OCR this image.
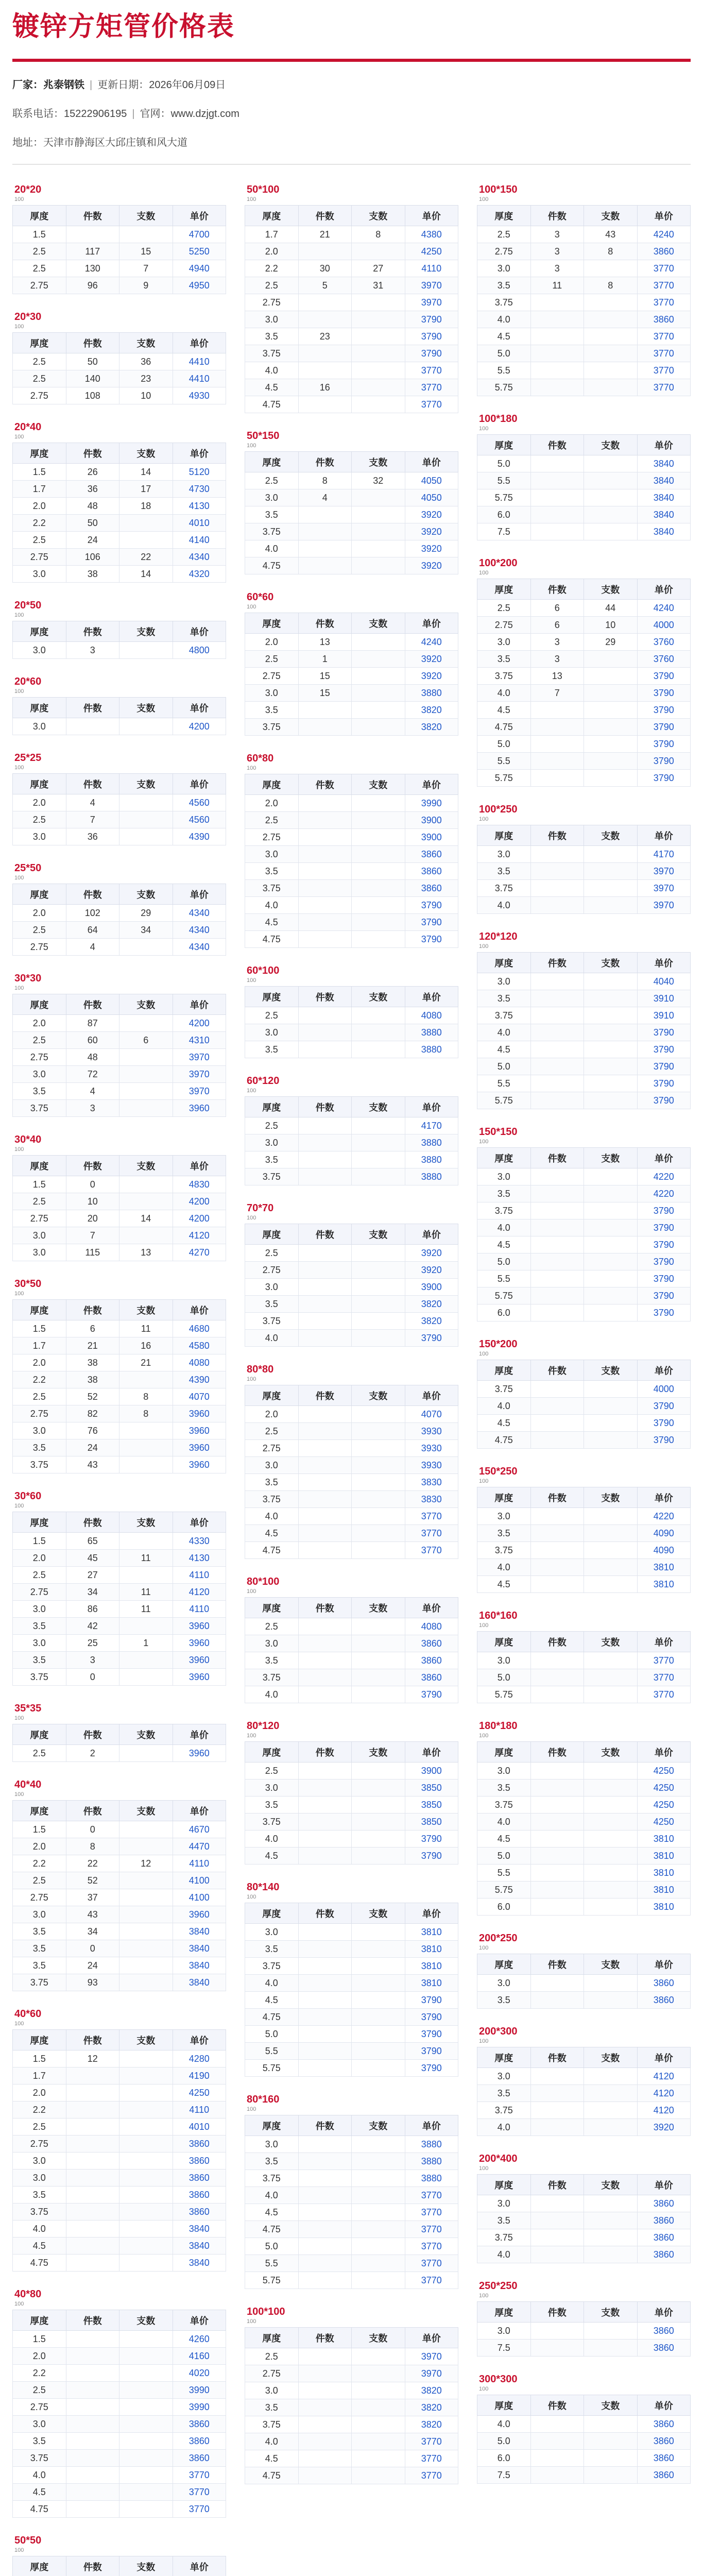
镀锌方矩管价格表
厂家：兆泰钢铁 | 更新日期：2026年06月09日
联系电话：15222906195 | 官网：www.dzjgt.com
地址：天津市静海区大邱庄镇和风大道
20*20
100
厚度	件数	支数	单价
1.5			4700
2.5	117	15	5250
2.5	130	7	4940
2.75	96	9	4950
20*30
100
厚度	件数	支数	单价
2.5	50	36	4410
2.5	140	23	4410
2.75	108	10	4930
20*40
100
厚度	件数	支数	单价
1.5	26	14	5120
1.7	36	17	4730
2.0	48	18	4130
2.2	50		4010
2.5	24		4140
2.75	106	22	4340
3.0	38	14	4320
20*50
100
厚度	件数	支数	单价
3.0	3		4800
20*60
100
厚度	件数	支数	单价
3.0			4200
25*25
100
厚度	件数	支数	单价
2.0	4		4560
2.5	7		4560
3.0	36		4390
25*50
100
厚度	件数	支数	单价
2.0	102	29	4340
2.5	64	34	4340
2.75	4		4340
30*30
100
厚度	件数	支数	单价
2.0	87		4200
2.5	60	6	4310
2.75	48		3970
3.0	72		3970
3.5	4		3970
3.75	3		3960
30*40
100
厚度	件数	支数	单价
1.5	0		4830
2.5	10		4200
2.75	20	14	4200
3.0	7		4120
3.0	115	13	4270
30*50
100
厚度	件数	支数	单价
1.5	6	11	4680
1.7	21	16	4580
2.0	38	21	4080
2.2	38		4390
2.5	52	8	4070
2.75	82	8	3960
3.0	76		3960
3.5	24		3960
3.75	43		3960
30*60
100
厚度	件数	支数	单价
1.5	65		4330
2.0	45	11	4130
2.5	27		4110
2.75	34	11	4120
3.0	86	11	4110
3.5	42		3960
3.0	25	1	3960
3.5	3		3960
3.75	0		3960
35*35
100
厚度	件数	支数	单价
2.5	2		3960
40*40
100
厚度	件数	支数	单价
1.5	0		4670
2.0	8		4470
2.2	22	12	4110
2.5	52		4100
2.75	37		4100
3.0	43		3960
3.5	34		3840
3.5	0		3840
3.5	24		3840
3.75	93		3840
40*60
100
厚度	件数	支数	单价
1.5	12		4280
1.7			4190
2.0			4250
2.2			4110
2.5			4010
2.75			3860
3.0			3860
3.0			3860
3.5			3860
3.75			3860
4.0			3840
4.5			3840
4.75			3840
40*80
100
厚度	件数	支数	单价
1.5			4260
2.0			4160
2.2			4020
2.5			3990
2.75			3990
3.0			3860
3.5			3860
3.75			3860
4.0			3770
4.5			3770
4.75			3770
50*50
100
厚度	件数	支数	单价

50*100
100
厚度	件数	支数	单价
1.7	21	8	4380
2.0			4250
2.2	30	27	4110
2.5	5	31	3970
2.75			3970
3.0			3790
3.5	23		3790
3.75			3790
4.0			3770
4.5	16		3770
4.75			3770
50*150
100
厚度	件数	支数	单价
2.5	8	32	4050
3.0	4		4050
3.5			3920
3.75			3920
4.0			3920
4.75			3920
60*60
100
厚度	件数	支数	单价
2.0	13		4240
2.5	1		3920
2.75	15		3920
3.0	15		3880
3.5			3820
3.75			3820
60*80
100
厚度	件数	支数	单价
2.0			3990
2.5			3900
2.75			3900
3.0			3860
3.5			3860
3.75			3860
4.0			3790
4.5			3790
4.75			3790
60*100
100
厚度	件数	支数	单价
2.5			4080
3.0			3880
3.5			3880
60*120
100
厚度	件数	支数	单价
2.5			4170
3.0			3880
3.5			3880
3.75			3880
70*70
100
厚度	件数	支数	单价
2.5			3920
2.75			3920
3.0			3900
3.5			3820
3.75			3820
4.0			3790
80*80
100
厚度	件数	支数	单价
2.0			4070
2.5			3930
2.75			3930
3.0			3930
3.5			3830
3.75			3830
4.0			3770
4.5			3770
4.75			3770
80*100
100
厚度	件数	支数	单价
2.5			4080
3.0			3860
3.5			3860
3.75			3860
4.0			3790
80*120
100
厚度	件数	支数	单价
2.5			3900
3.0			3850
3.5			3850
3.75			3850
4.0			3790
4.5			3790
80*140
100
厚度	件数	支数	单价
3.0			3810
3.5			3810
3.75			3810
4.0			3810
4.5			3790
4.75			3790
5.0			3790
5.5			3790
5.75			3790
80*160
100
厚度	件数	支数	单价
3.0			3880
3.5			3880
3.75			3880
4.0			3770
4.5			3770
4.75			3770
5.0			3770
5.5			3770
5.75			3770
100*100
100
厚度	件数	支数	单价
2.5			3970
2.75			3970
3.0			3820
3.5			3820
3.75			3820
4.0			3770
4.5			3770
4.75			3770
100*150
100
厚度	件数	支数	单价
2.5	3	43	4240
2.75	3	8	3860
3.0	3		3770
3.5	11	8	3770
3.75			3770
4.0			3860
4.5			3770
5.0			3770
5.5			3770
5.75			3770
100*180
100
厚度	件数	支数	单价
5.0			3840
5.5			3840
5.75			3840
6.0			3840
7.5			3840
100*200
100
厚度	件数	支数	单价
2.5	6	44	4240
2.75	6	10	4000
3.0	3	29	3760
3.5	3		3760
3.75	13		3790
4.0	7		3790
4.5			3790
4.75			3790
5.0			3790
5.5			3790
5.75			3790
100*250
100
厚度	件数	支数	单价
3.0			4170
3.5			3970
3.75			3970
4.0			3970
120*120
100
厚度	件数	支数	单价
3.0			4040
3.5			3910
3.75			3910
4.0			3790
4.5			3790
5.0			3790
5.5			3790
5.75			3790
150*150
100
厚度	件数	支数	单价
3.0			4220
3.5			4220
3.75			3790
4.0			3790
4.5			3790
5.0			3790
5.5			3790
5.75			3790
6.0			3790
150*200
100
厚度	件数	支数	单价
3.75			4000
4.0			3790
4.5			3790
4.75			3790
150*250
100
厚度	件数	支数	单价
3.0			4220
3.5			4090
3.75			4090
4.0			3810
4.5			3810
160*160
100
厚度	件数	支数	单价
3.0			3770
5.0			3770
5.75			3770
180*180
100
厚度	件数	支数	单价
3.0			4250
3.5			4250
3.75			4250
4.0			4250
4.5			3810
5.0			3810
5.5			3810
5.75			3810
6.0			3810
200*250
100
厚度	件数	支数	单价
3.0			3860
3.5			3860
200*300
100
厚度	件数	支数	单价
3.0			4120
3.5			4120
3.75			4120
4.0			3920
200*400
100
厚度	件数	支数	单价
3.0			3860
3.5			3860
3.75			3860
4.0			3860
250*250
100
厚度	件数	支数	单价
3.0			3860
7.5			3860
300*300
100
厚度	件数	支数	单价
4.0			3860
5.0			3860
6.0			3860
7.5			3860
